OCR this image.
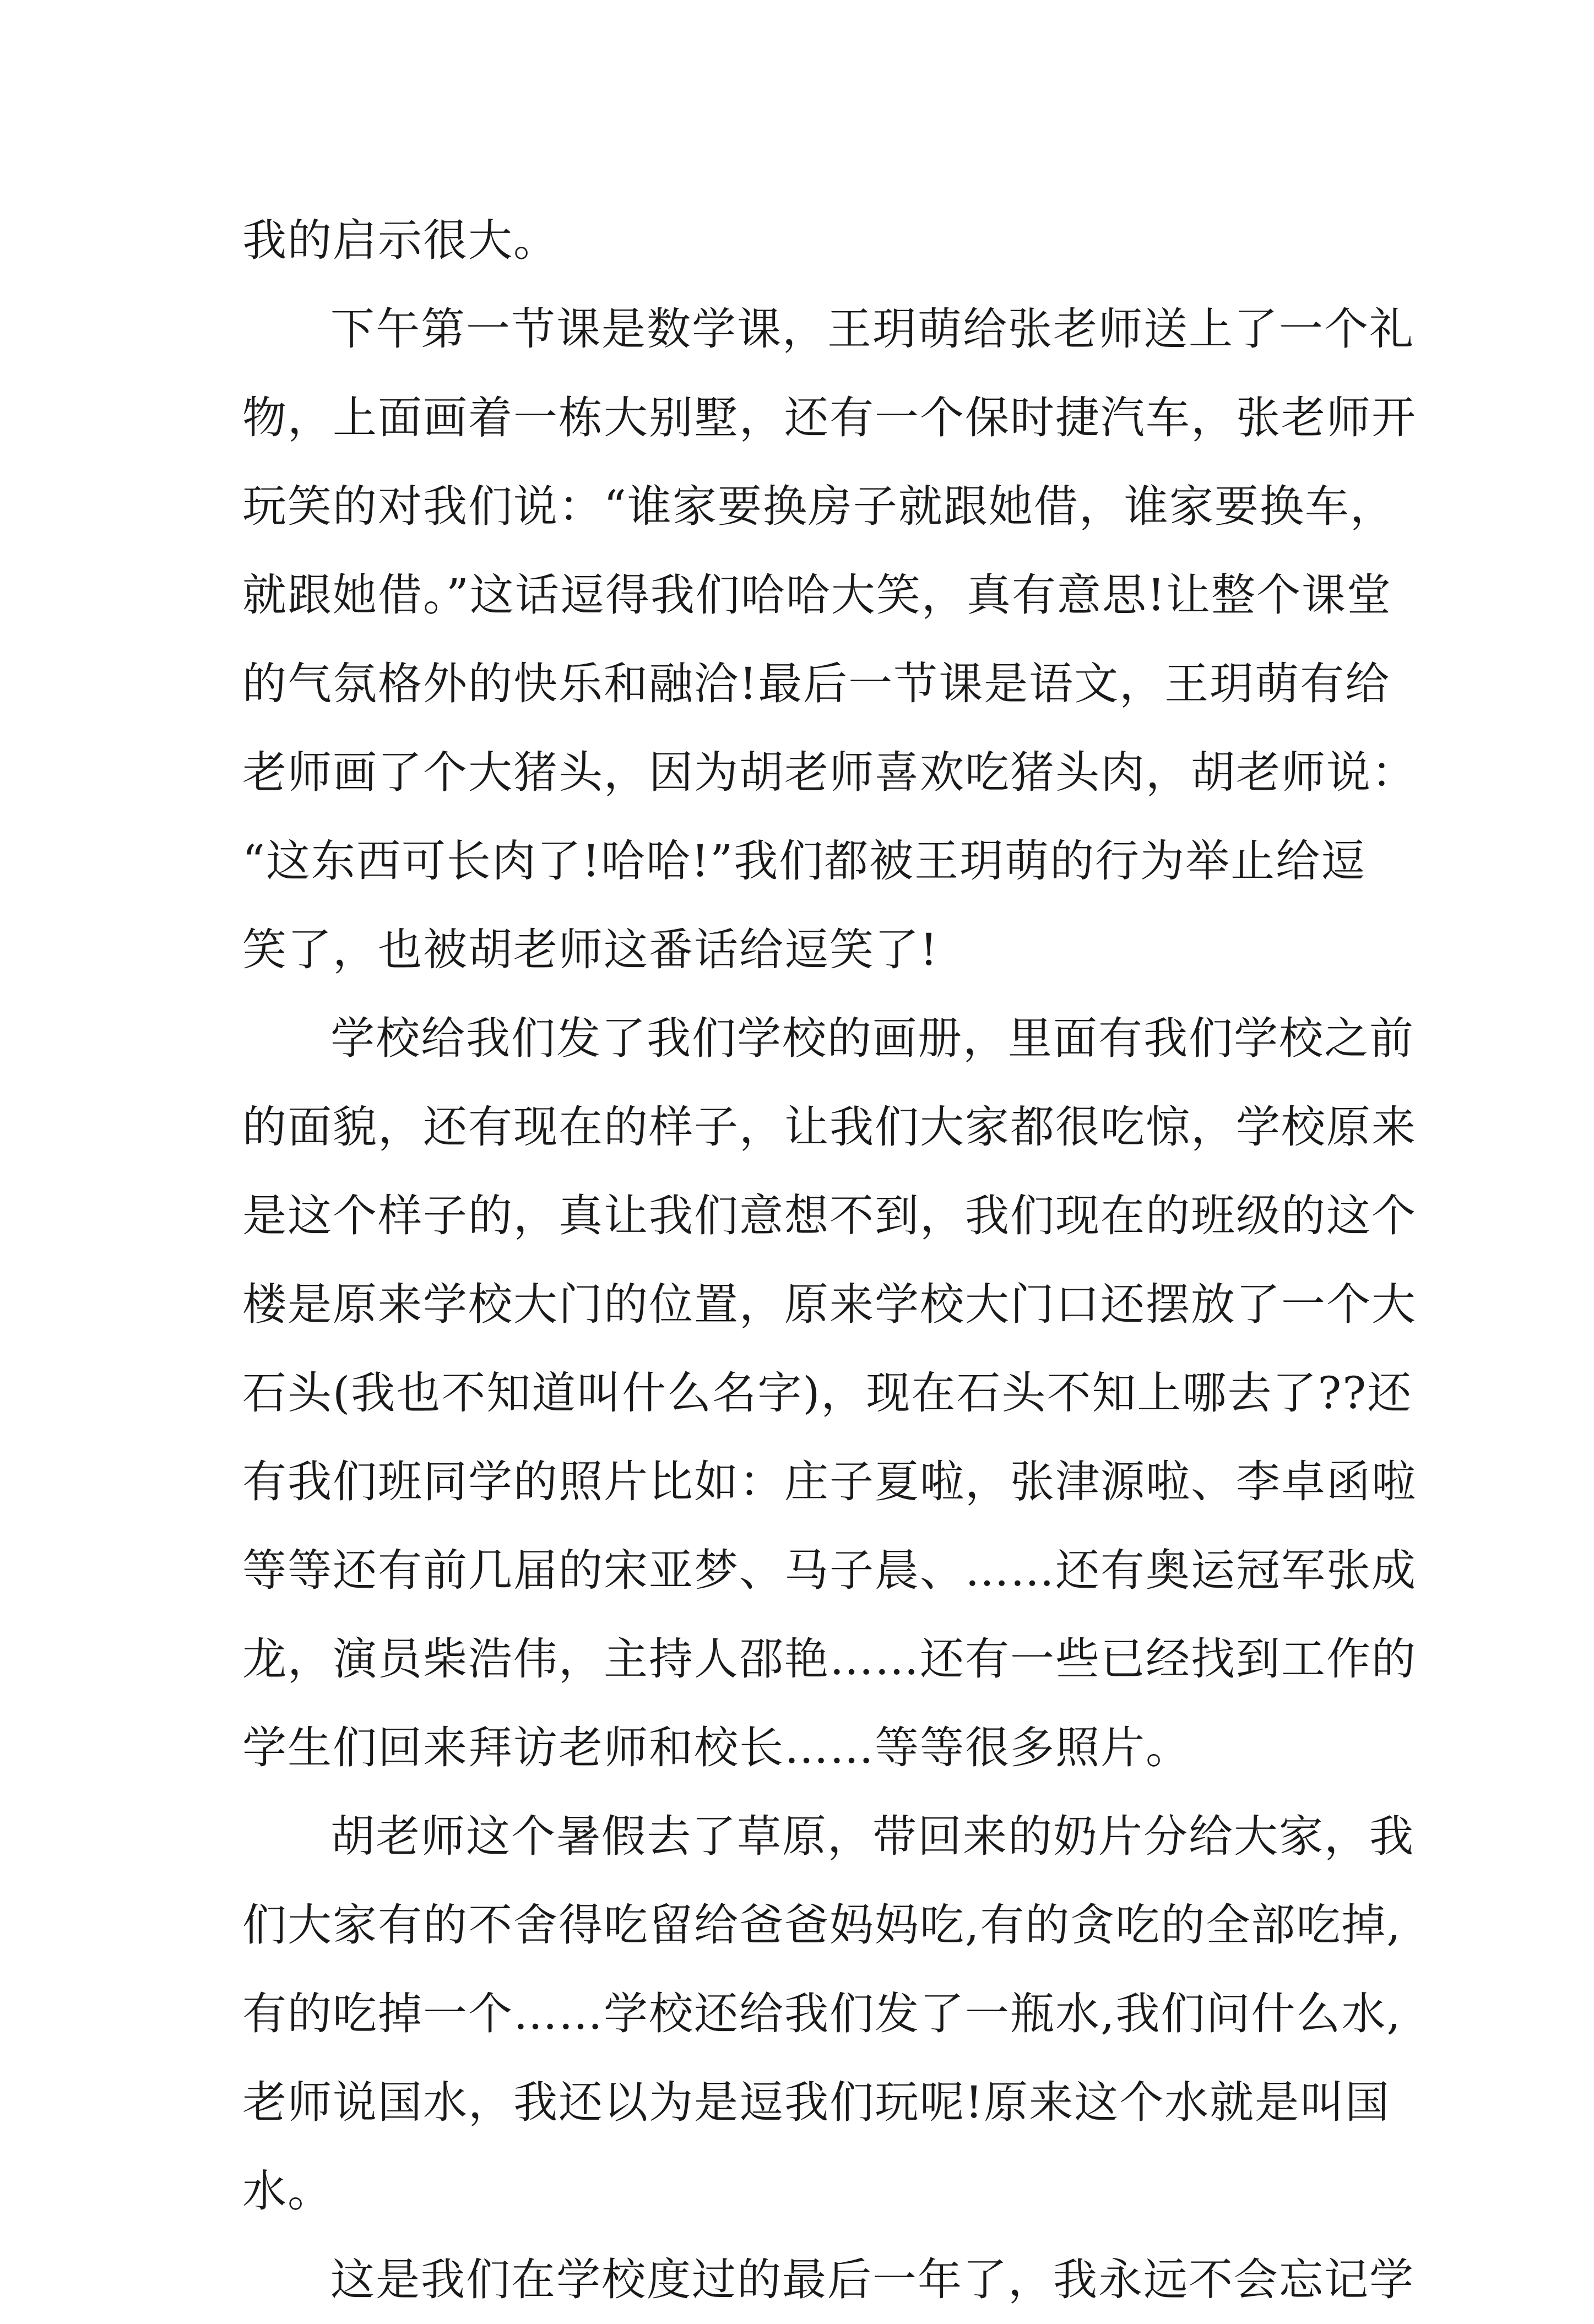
我的启示很大。
下午第一节课是数学课，王玥萌给张老师送上了一个礼
物，上面画着一栋大别墅，还有一个保时捷汽车，张老师开
玩笑的对我们说：“谁家要换房子就跟她借，谁家要换车，
就跟她借。”这话逗得我们哈哈大笑，真有意思!让整个课堂
的气氛格外的快乐和融洽!最后一节课是语文，王玥萌有给
老师画了个大猪头，因为胡老师喜欢吃猪头肉，胡老师说：
“这东西可长肉了!哈哈!”我们都被王玥萌的行为举止给逗
笑了，也被胡老师这番话给逗笑了!
学校给我们发了我们学校的画册，里面有我们学校之前
的面貌，还有现在的样子，让我们大家都很吃惊，学校原来
是这个样子的，真让我们意想不到，我们现在的班级的这个
楼是原来学校大门的位置，原来学校大门口还摆放了一个大
石头(我也不知道叫什么名字)，现在石头不知上哪去了??还
有我们班同学的照片比如：庄子夏啦，张津源啦、李卓函啦
等等还有前几届的宋亚梦、马子晨、……还有奥运冠军张成
龙，演员柴浩伟，主持人邵艳……还有一些已经找到工作的
学生们回来拜访老师和校长……等等很多照片。
胡老师这个暑假去了草原，带回来的奶片分给大家，我
们大家有的不舍得吃留给爸爸妈妈吃,有的贪吃的全部吃掉,
有的吃掉一个……学校还给我们发了一瓶水,我们问什么水,
老师说国水，我还以为是逗我们玩呢!原来这个水就是叫国
水。
这是我们在学校度过的最后一年了，我永远不会忘记学
